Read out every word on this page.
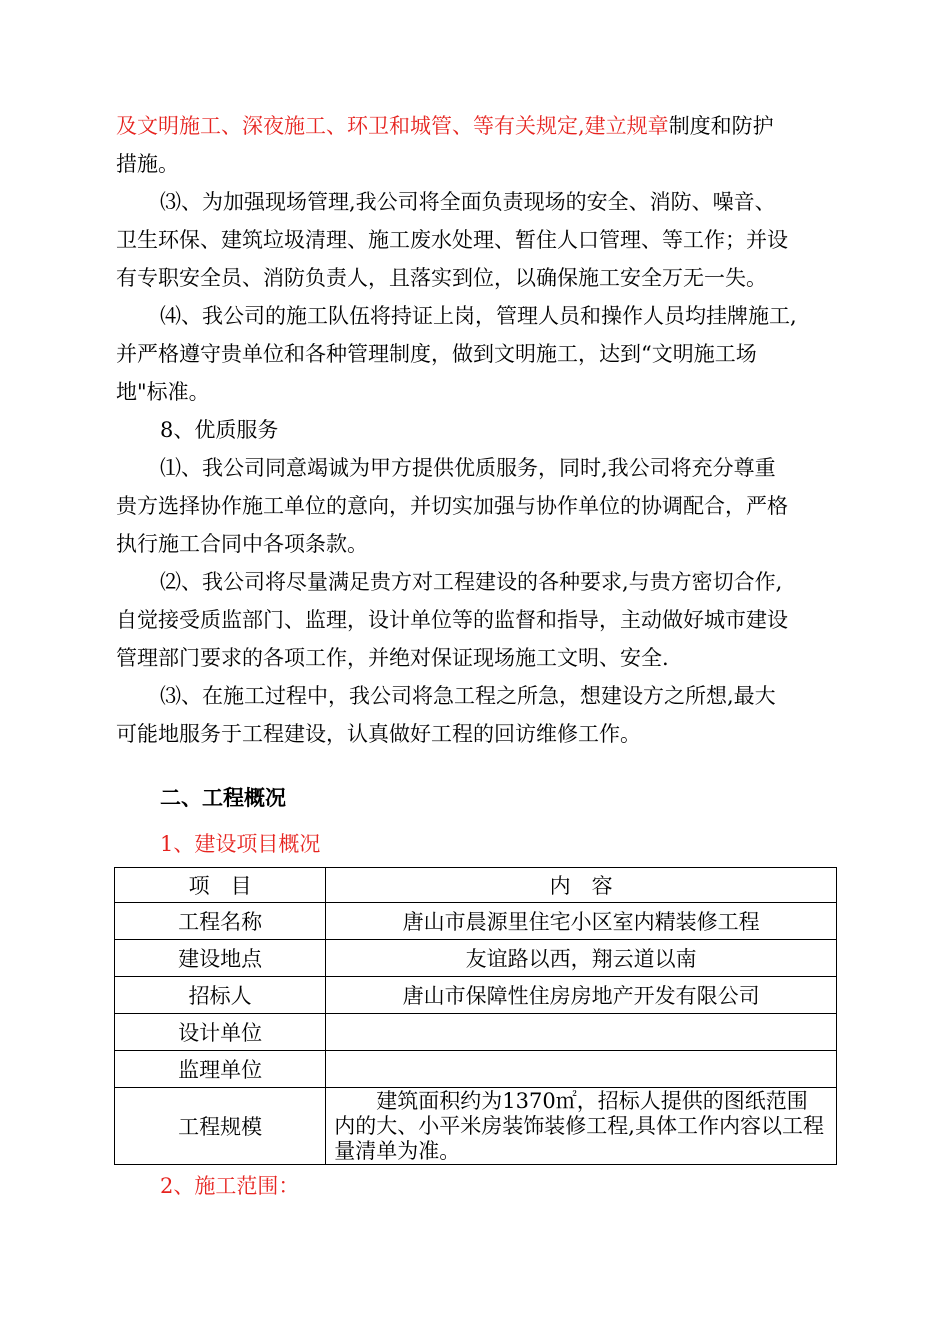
及文明施工、深夜施工、环卫和城管、等有关规定,建立规章制度和防护
措施。
⑶、为加强现场管理,我公司将全面负责现场的安全、消防、噪音、
卫生环保、建筑垃圾清理、施工废水处理、暂住人口管理、等工作；并设
有专职安全员、消防负责人，且落实到位，以确保施工安全万无一失。
⑷、我公司的施工队伍将持证上岗，管理人员和操作人员均挂牌施工,
并严格遵守贵单位和各种管理制度，做到文明施工，达到“文明施工场
地"标准。
8、优质服务
⑴、我公司同意竭诚为甲方提供优质服务，同时,我公司将充分尊重
贵方选择协作施工单位的意向，并切实加强与协作单位的协调配合，严格
执行施工合同中各项条款。
⑵、我公司将尽量满足贵方对工程建设的各种要求,与贵方密切合作,
自觉接受质监部门、监理，设计单位等的监督和指导，主动做好城市建设
管理部门要求的各项工作，并绝对保证现场施工文明、安全.
⑶、在施工过程中，我公司将急工程之所急，想建设方之所想,最大
可能地服务于工程建设，认真做好工程的回访维修工作。
二、工程概况
1、建设项目概况
项　目	内　容
工程名称	唐山市晨源里住宅小区室内精装修工程
建设地点	友谊路以西，翔云道以南
招标人	唐山市保障性住房房地产开发有限公司
设计单位	
监理单位	
工程规模	　　建筑面积约为1370㎡，招标人提供的图纸范围内的大、小平米房装饰装修工程,具体工作内容以工程量清单为准。
2、施工范围：
